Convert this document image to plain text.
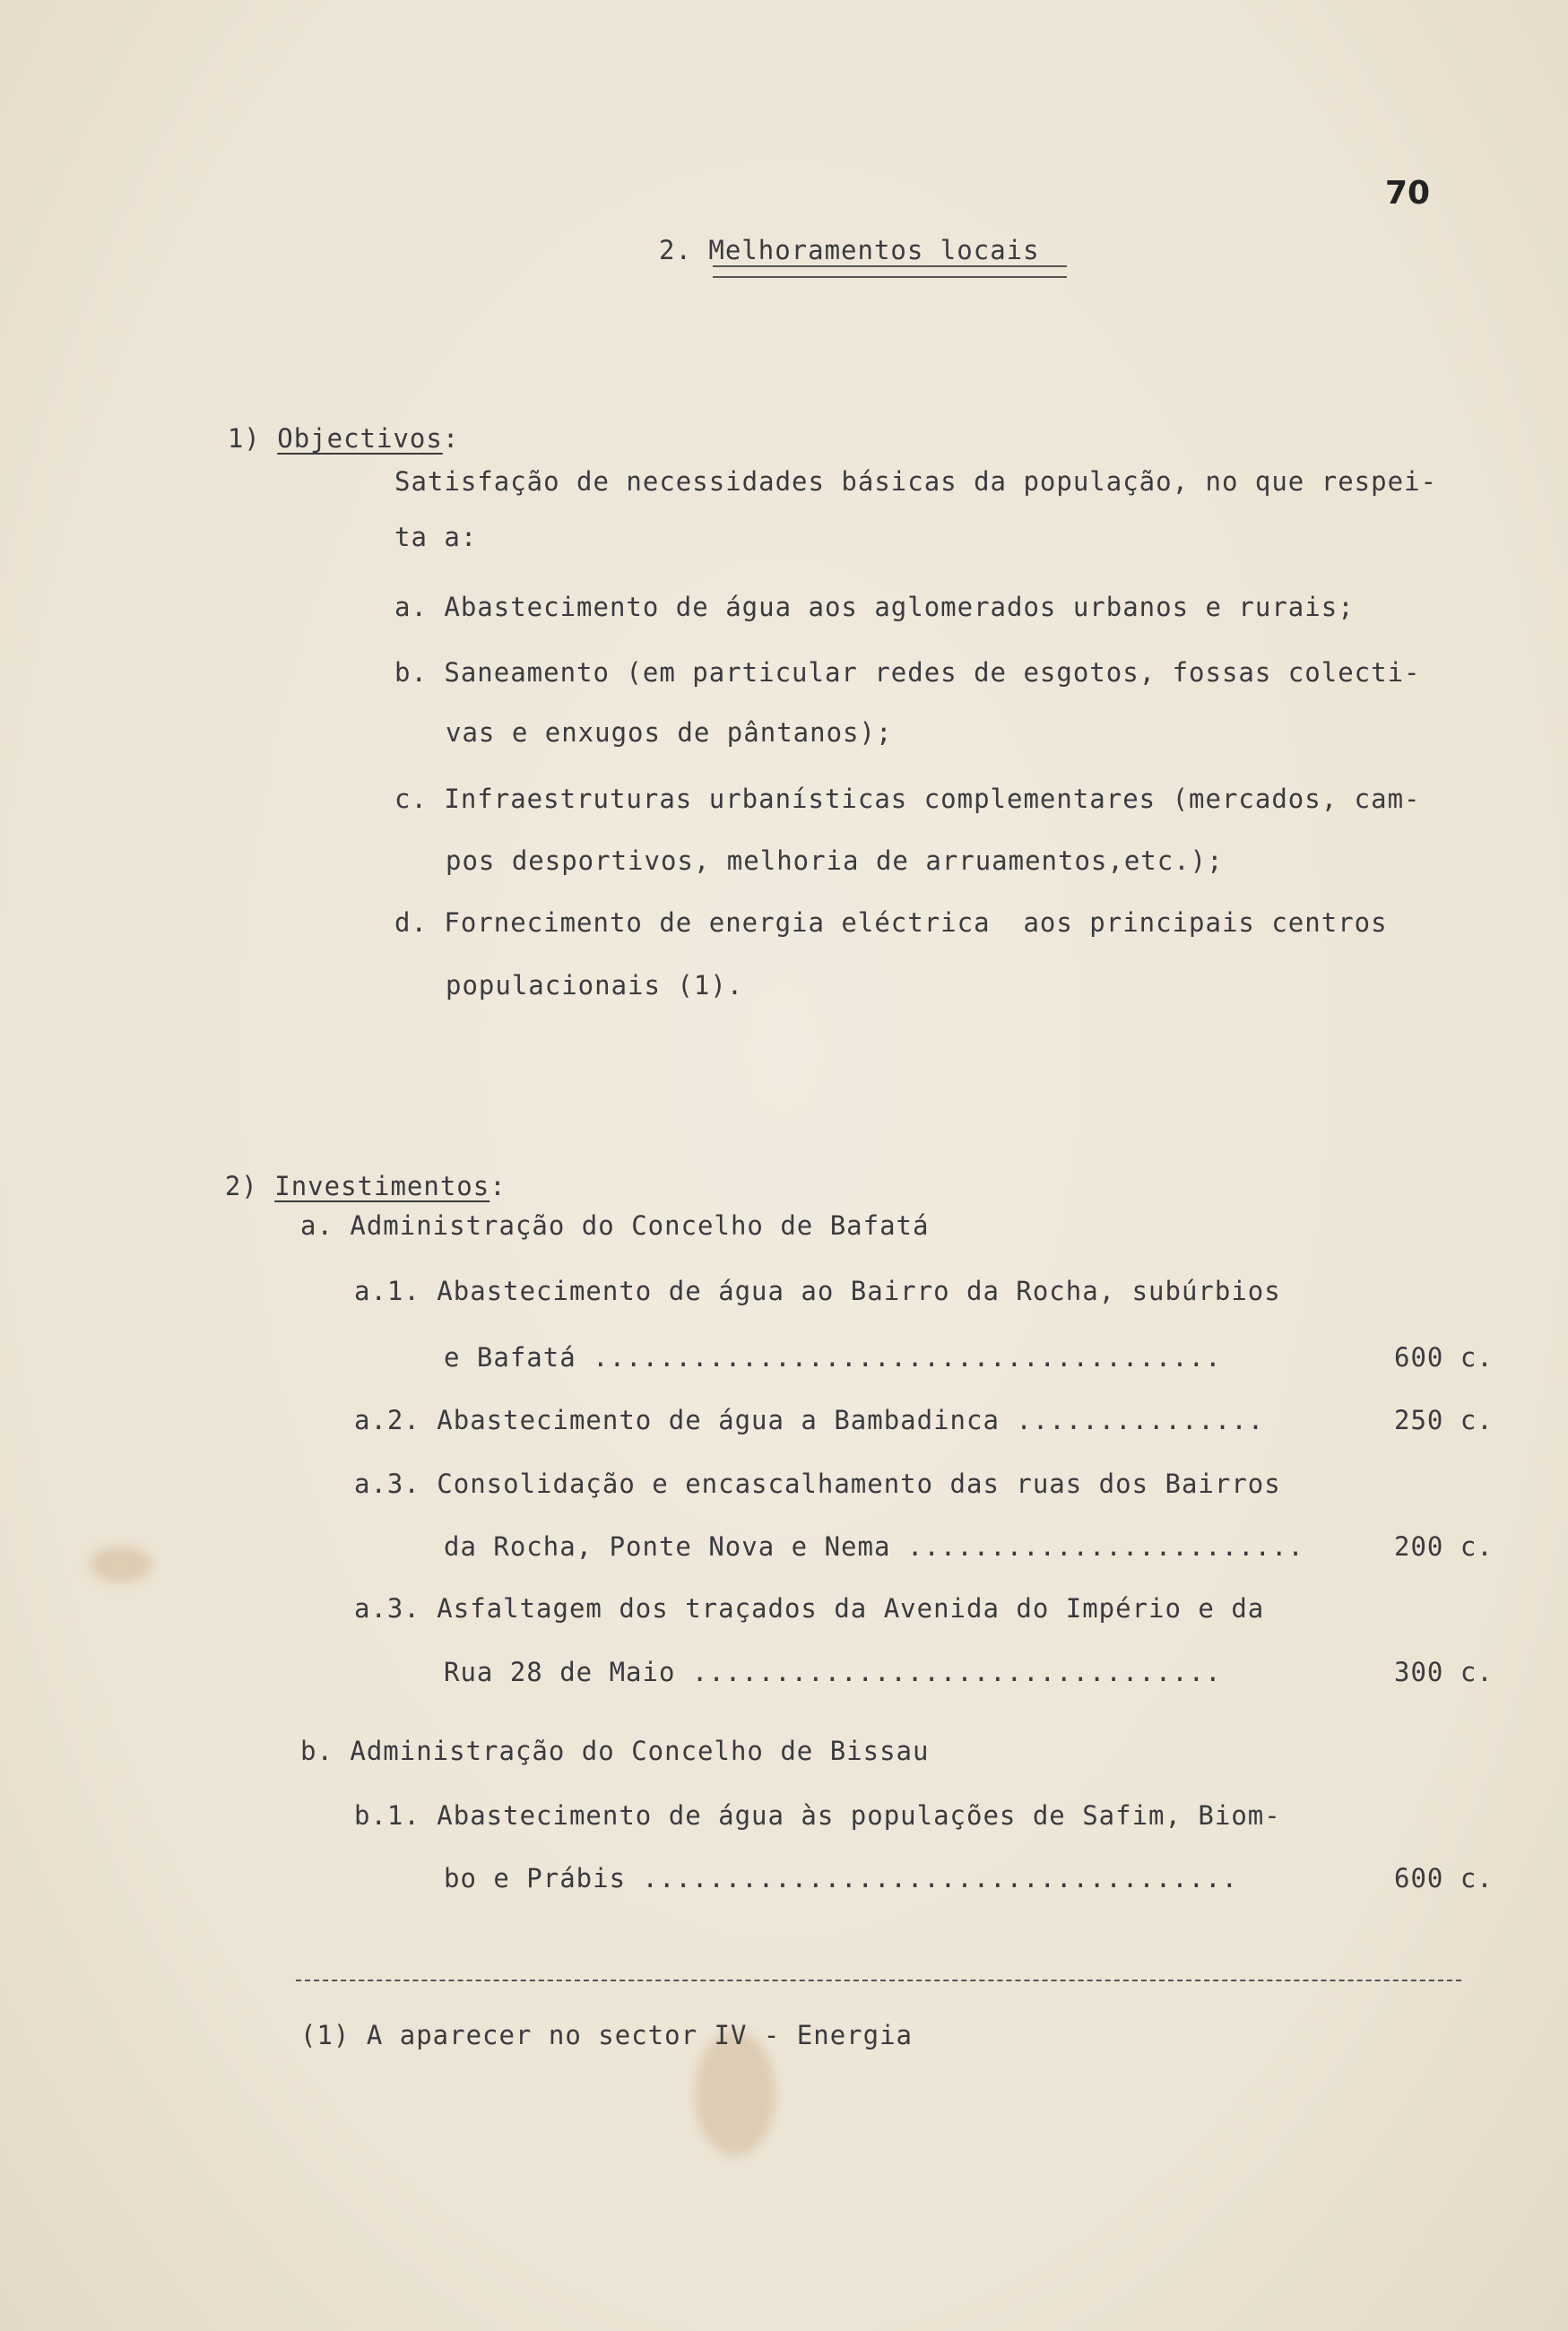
70
2. Melhoramentos locais

1) Objectivos:

Satisfação de necessidades básicas da população, no que respei-
ta a:
a. Abastecimento de água aos aglomerados urbanos e rurais;
b. Saneamento (em particular redes de esgotos, fossas colecti-
vas e enxugos de pântanos);
c. Infraestruturas urbanísticas complementares (mercados, cam-
pos desportivos, melhoria de arruamentos,etc.);
d. Fornecimento de energia eléctrica  aos principais centros
populacionais (1).

2) Investimentos:

a. Administração do Concelho de Bafatá
a.1. Abastecimento de água ao Bairro da Rocha, subúrbios
e Bafatá ......................................	600 c.
a.2. Abastecimento de água a Bambadinca ...............	250 c.
a.3. Consolidação e encascalhamento das ruas dos Bairros
da Rocha, Ponte Nova e Nema ........................	200 c.
a.3. Asfaltagem dos traçados da Avenida do Império e da
Rua 28 de Maio ................................	300 c.
b. Administração do Concelho de Bissau
b.1. Abastecimento de água às populações de Safim, Biom-
bo e Prábis ....................................	600 c.
(1) A aparecer no sector IV - Energia
